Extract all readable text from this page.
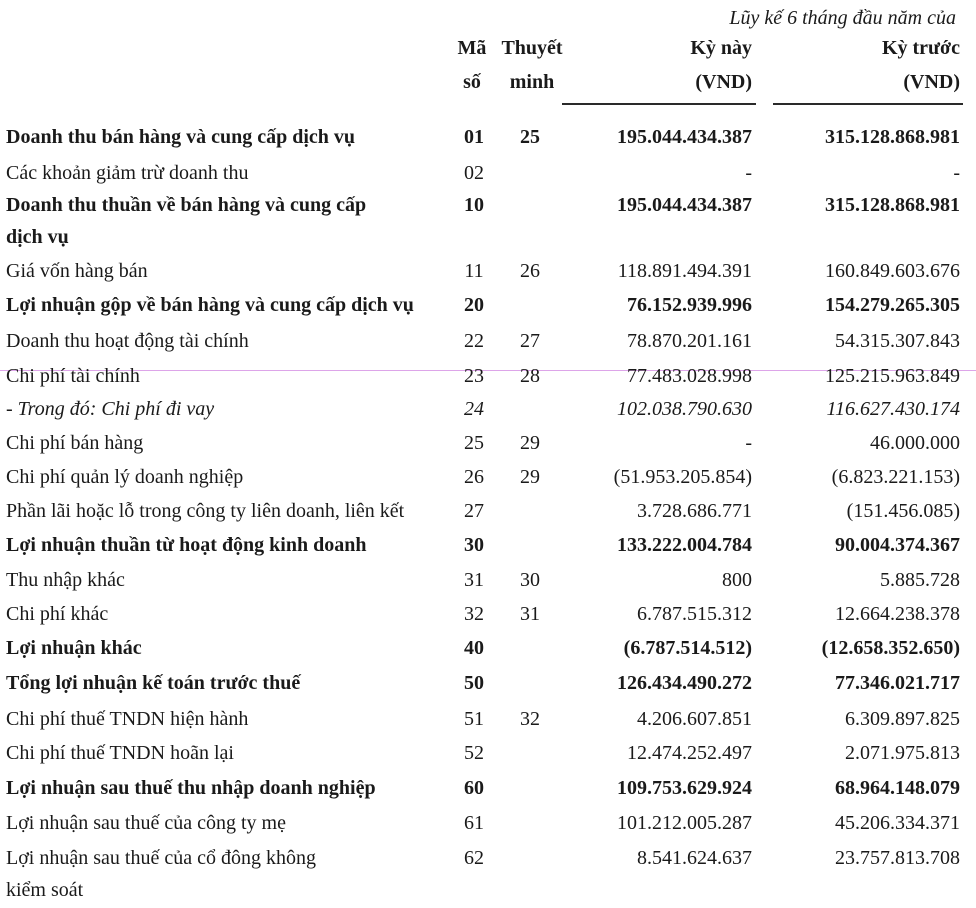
Lũy kế 6 tháng đầu năm của
Mã
số
Thuyết
minh
Kỳ này
(VND)
Kỳ trước
(VND)
Doanh thu bán hàng và cung cấp dịch vụ	01	25	195.044.434.387	315.128.868.981
Các khoản giảm trừ doanh thu	02	-	-
Doanh thu thuần về bán hàng và cung cấp dịch vụ
10	195.044.434.387	315.128.868.981
Giá vốn hàng bán	11	26	118.891.494.391	160.849.603.676
Lợi nhuận gộp về bán hàng và cung cấp dịch vụ	20	76.152.939.996	154.279.265.305
Doanh thu hoạt động tài chính	22	27	78.870.201.161	54.315.307.843
Chi phí tài chính	23	28	77.483.028.998	125.215.963.849
- Trong đó: Chi phí đi vay	24	102.038.790.630	116.627.430.174
Chi phí bán hàng	25	29	-	46.000.000
Chi phí quản lý doanh nghiệp	26	29	(51.953.205.854)	(6.823.221.153)
Phần lãi hoặc lỗ trong công ty liên doanh, liên kết	27	3.728.686.771	(151.456.085)
Lợi nhuận thuần từ hoạt động kinh doanh	30	133.222.004.784	90.004.374.367
Thu nhập khác	31	30	800	5.885.728
Chi phí khác	32	31	6.787.515.312	12.664.238.378
Lợi nhuận khác	40	(6.787.514.512)	(12.658.352.650)
Tổng lợi nhuận kế toán trước thuế	50	126.434.490.272	77.346.021.717
Chi phí thuế TNDN hiện hành	51	32	4.206.607.851	6.309.897.825
Chi phí thuế TNDN hoãn lại	52	12.474.252.497	2.071.975.813
Lợi nhuận sau thuế thu nhập doanh nghiệp	60	109.753.629.924	68.964.148.079
Lợi nhuận sau thuế của công ty mẹ	61	101.212.005.287	45.206.334.371
Lợi nhuận sau thuế của cổ đông không kiểm soát
62	8.541.624.637	23.757.813.708
